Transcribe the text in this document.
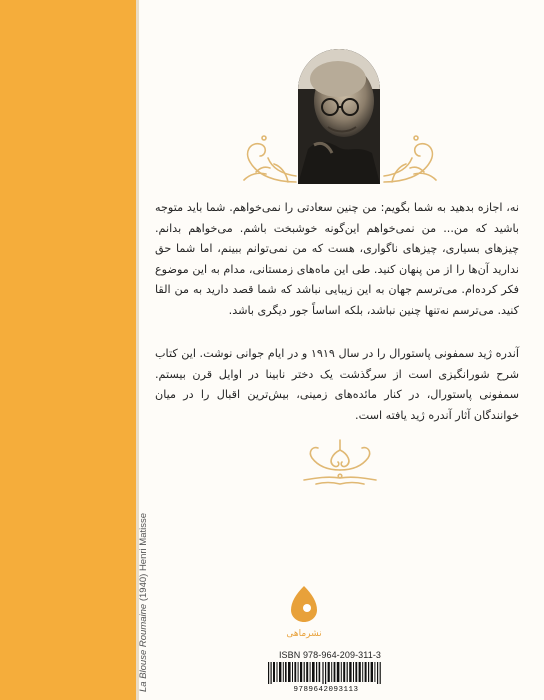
La Blouse Roumaine (1940) Henri Matisse

نه، اجازه بدهید به شما بگویم: من چنین سعادتی را نمی‌خواهم. شما باید متوجه باشید که من... من نمی‌خواهم این‌گونه خوشبخت باشم. می‌خواهم بدانم. چیزهای بسیاری، چیزهای ناگواری، هست که من نمی‌توانم ببینم، اما شما حق ندارید آن‌ها را از من پنهان کنید. طی این ماه‌های زمستانی، مدام به این موضوع فکر کرده‌ام. می‌ترسم جهان به این زیبایی نباشد که شما قصد دارید به من القا کنید. می‌ترسم نه‌تنها چنین نباشد، بلکه اساساً جور دیگری باشد.

آندره ژید سمفونی پاستورال را در سال ۱۹۱۹ و در ایام جوانی نوشت. این کتاب شرح شورانگیزی است از سرگذشت یک دختر نابینا در اوایل قرن بیستم. سمفونی پاستورال، در کنار مائده‌های زمینی، بیش‌ترین اقبال را در میان خوانندگان آثار آندره ژید یافته است.

نشرماهی
ISBN 978-964-209-311-3
9789642093113
